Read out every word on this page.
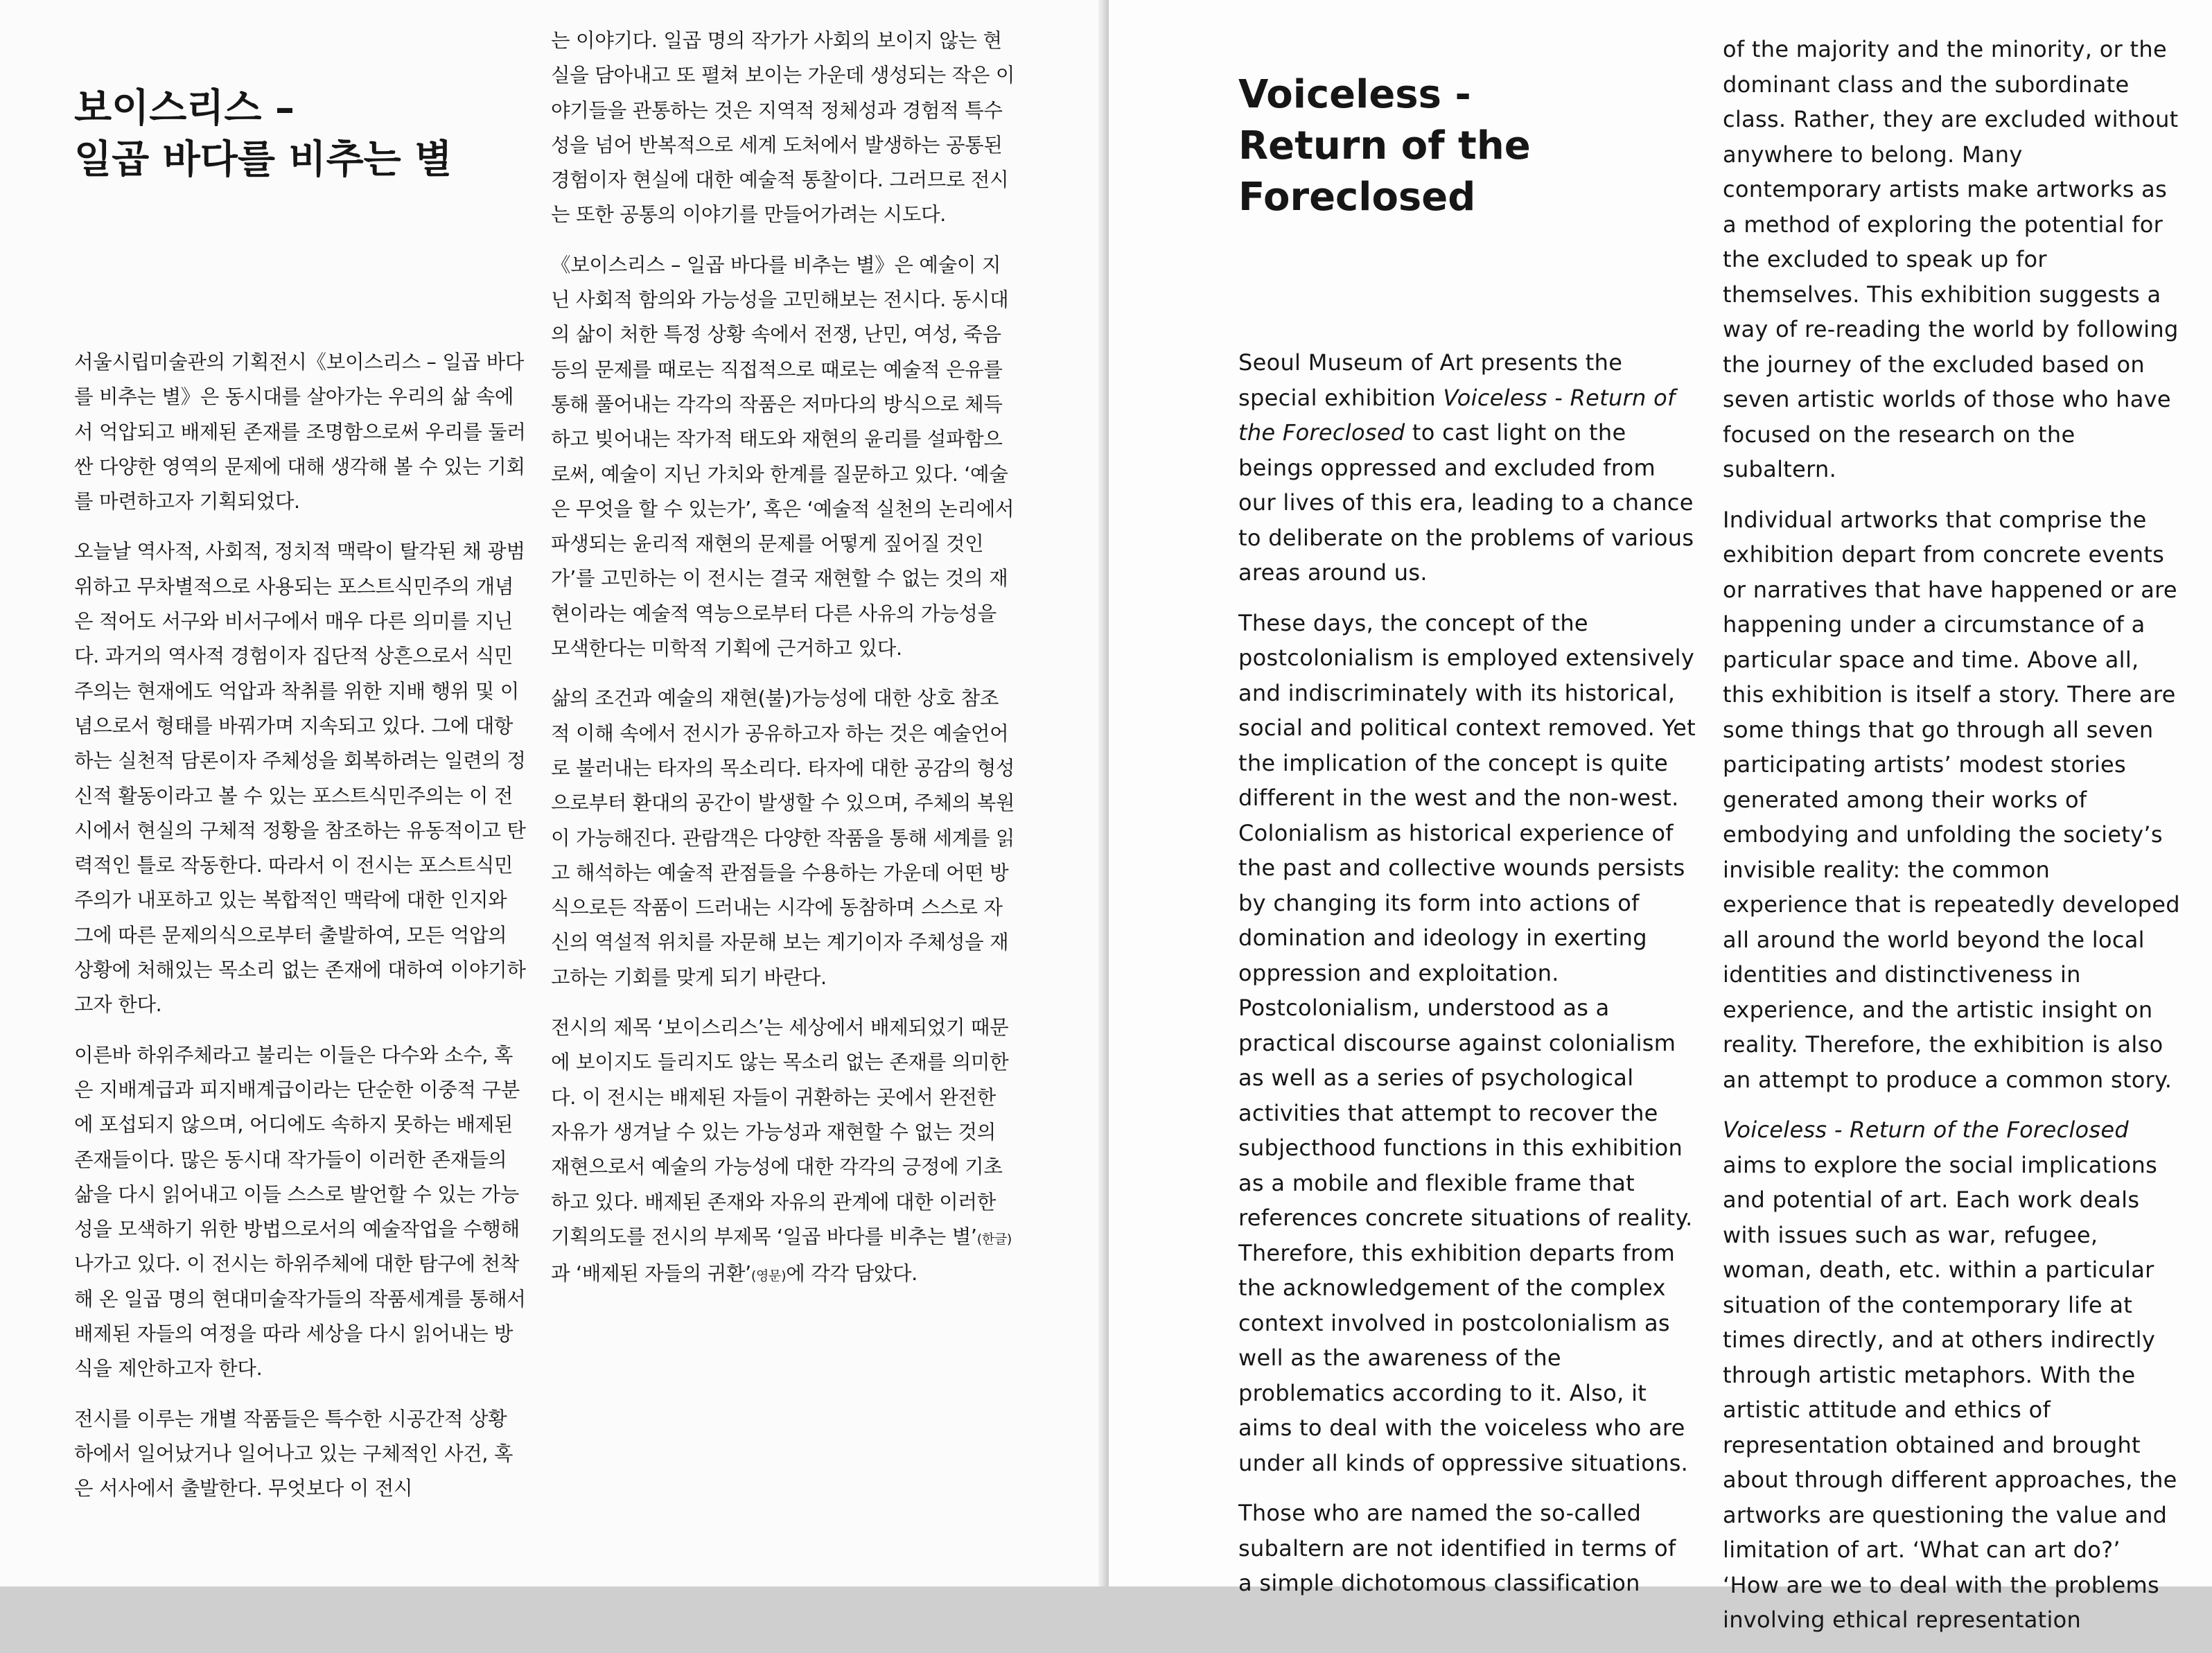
보이스리스 –
일곱 바다를 비추는 별

서울시립미술관의 기획전시《보이스리스 – 일곱 바다를 비추는 별》은 동시대를 살아가는 우리의 삶 속에서 억압되고 배제된 존재를 조명함으로써 우리를 둘러싼 다양한 영역의 문제에 대해 생각해 볼 수 있는 기회를 마련하고자 기획되었다.

오늘날 역사적, 사회적, 정치적 맥락이 탈각된 채 광범위하고 무차별적으로 사용되는 포스트식민주의 개념은 적어도 서구와 비서구에서 매우 다른 의미를 지닌다. 과거의 역사적 경험이자 집단적 상흔으로서 식민주의는 현재에도 억압과 착취를 위한 지배 행위 및 이념으로서 형태를 바꿔가며 지속되고 있다. 그에 대항하는 실천적 담론이자 주체성을 회복하려는 일련의 정신적 활동이라고 볼 수 있는 포스트식민주의는 이 전시에서 현실의 구체적 정황을 참조하는 유동적이고 탄력적인 틀로 작동한다. 따라서 이 전시는 포스트식민주의가 내포하고 있는 복합적인 맥락에 대한 인지와 그에 따른 문제의식으로부터 출발하여, 모든 억압의 상황에 처해있는 목소리 없는 존재에 대하여 이야기하고자 한다.

이른바 하위주체라고 불리는 이들은 다수와 소수, 혹은 지배계급과 피지배계급이라는 단순한 이중적 구분에 포섭되지 않으며, 어디에도 속하지 못하는 배제된 존재들이다. 많은 동시대 작가들이 이러한 존재들의 삶을 다시 읽어내고 이들 스스로 발언할 수 있는 가능성을 모색하기 위한 방법으로서의 예술작업을 수행해 나가고 있다. 이 전시는 하위주체에 대한 탐구에 천착해 온 일곱 명의 현대미술작가들의 작품세계를 통해서 배제된 자들의 여정을 따라 세상을 다시 읽어내는 방식을 제안하고자 한다.

전시를 이루는 개별 작품들은 특수한 시공간적 상황 하에서 일어났거나 일어나고 있는 구체적인 사건, 혹은 서사에서 출발한다. 무엇보다 이 전시

는 이야기다. 일곱 명의 작가가 사회의 보이지 않는 현실을 담아내고 또 펼쳐 보이는 가운데 생성되는 작은 이야기들을 관통하는 것은 지역적 정체성과 경험적 특수성을 넘어 반복적으로 세계 도처에서 발생하는 공통된 경험이자 현실에 대한 예술적 통찰이다. 그러므로 전시는 또한 공통의 이야기를 만들어가려는 시도다.

《보이스리스 – 일곱 바다를 비추는 별》은 예술이 지닌 사회적 함의와 가능성을 고민해보는 전시다. 동시대의 삶이 처한 특정 상황 속에서 전쟁, 난민, 여성, 죽음 등의 문제를 때로는 직접적으로 때로는 예술적 은유를 통해 풀어내는 각각의 작품은 저마다의 방식으로 체득하고 빚어내는 작가적 태도와 재현의 윤리를 설파함으로써, 예술이 지닌 가치와 한계를 질문하고 있다. ‘예술은 무엇을 할 수 있는가’, 혹은 ‘예술적 실천의 논리에서 파생되는 윤리적 재현의 문제를 어떻게 짚어질 것인가’를 고민하는 이 전시는 결국 재현할 수 없는 것의 재현이라는 예술적 역능으로부터 다른 사유의 가능성을 모색한다는 미학적 기획에 근거하고 있다.

삶의 조건과 예술의 재현(불)가능성에 대한 상호 참조적 이해 속에서 전시가 공유하고자 하는 것은 예술언어로 불러내는 타자의 목소리다. 타자에 대한 공감의 형성으로부터 환대의 공간이 발생할 수 있으며, 주체의 복원이 가능해진다. 관람객은 다양한 작품을 통해 세계를 읽고 해석하는 예술적 관점들을 수용하는 가운데 어떤 방식으로든 작품이 드러내는 시각에 동참하며 스스로 자신의 역설적 위치를 자문해 보는 계기이자 주체성을 재고하는 기회를 맞게 되기 바란다.

전시의 제목 ‘보이스리스’는 세상에서 배제되었기 때문에 보이지도 들리지도 않는 목소리 없는 존재를 의미한다. 이 전시는 배제된 자들이 귀환하는 곳에서 완전한 자유가 생겨날 수 있는 가능성과 재현할 수 없는 것의 재현으로서 예술의 가능성에 대한 각각의 긍정에 기초하고 있다. 배제된 존재와 자유의 관계에 대한 이러한 기획의도를 전시의 부제목 ‘일곱 바다를 비추는 별’(한글)과 ‘배제된 자들의 귀환’(영문)에 각각 담았다.

Voiceless -
Return of the
Foreclosed

Seoul Museum of Art presents the special exhibition Voiceless - Return of the Foreclosed to cast light on the beings oppressed and excluded from our lives of this era, leading to a chance to deliberate on the problems of various areas around us.

These days, the concept of the postcolonialism is employed extensively and indiscriminately with its historical, social and political context removed. Yet the implication of the concept is quite different in the west and the non-west. Colonialism as historical experience of the past and collective wounds persists by changing its form into actions of domination and ideology in exerting oppression and exploitation. Postcolonialism, understood as a practical discourse against colonialism as well as a series of psychological activities that attempt to recover the subjecthood functions in this exhibition as a mobile and flexible frame that references concrete situations of reality. Therefore, this exhibition departs from the acknowledgement of the complex context involved in postcolonialism as well as the awareness of the problematics according to it. Also, it aims to deal with the voiceless who are under all kinds of oppressive situations.

Those who are named the so-called subaltern are not identified in terms of a simple dichotomous classification

of the majority and the minority, or the dominant class and the subordinate class. Rather, they are excluded without anywhere to belong. Many contemporary artists make artworks as a method of exploring the potential for the excluded to speak up for themselves. This exhibition suggests a way of re-reading the world by following the journey of the excluded based on seven artistic worlds of those who have focused on the research on the subaltern.

Individual artworks that comprise the exhibition depart from concrete events or narratives that have happened or are happening under a circumstance of a particular space and time. Above all, this exhibition is itself a story. There are some things that go through all seven participating artists’ modest stories generated among their works of embodying and unfolding the society’s invisible reality: the common experience that is repeatedly developed all around the world beyond the local identities and distinctiveness in experience, and the artistic insight on reality. Therefore, the exhibition is also an attempt to produce a common story.

Voiceless - Return of the Foreclosed aims to explore the social implications and potential of art. Each work deals with issues such as war, refugee, woman, death, etc. within a particular situation of the contemporary life at times directly, and at others indirectly through artistic metaphors. With the artistic attitude and ethics of representation obtained and brought about through different approaches, the artworks are questioning the value and limitation of art. ‘What can art do?’ ‘How are we to deal with the problems involving ethical representation
